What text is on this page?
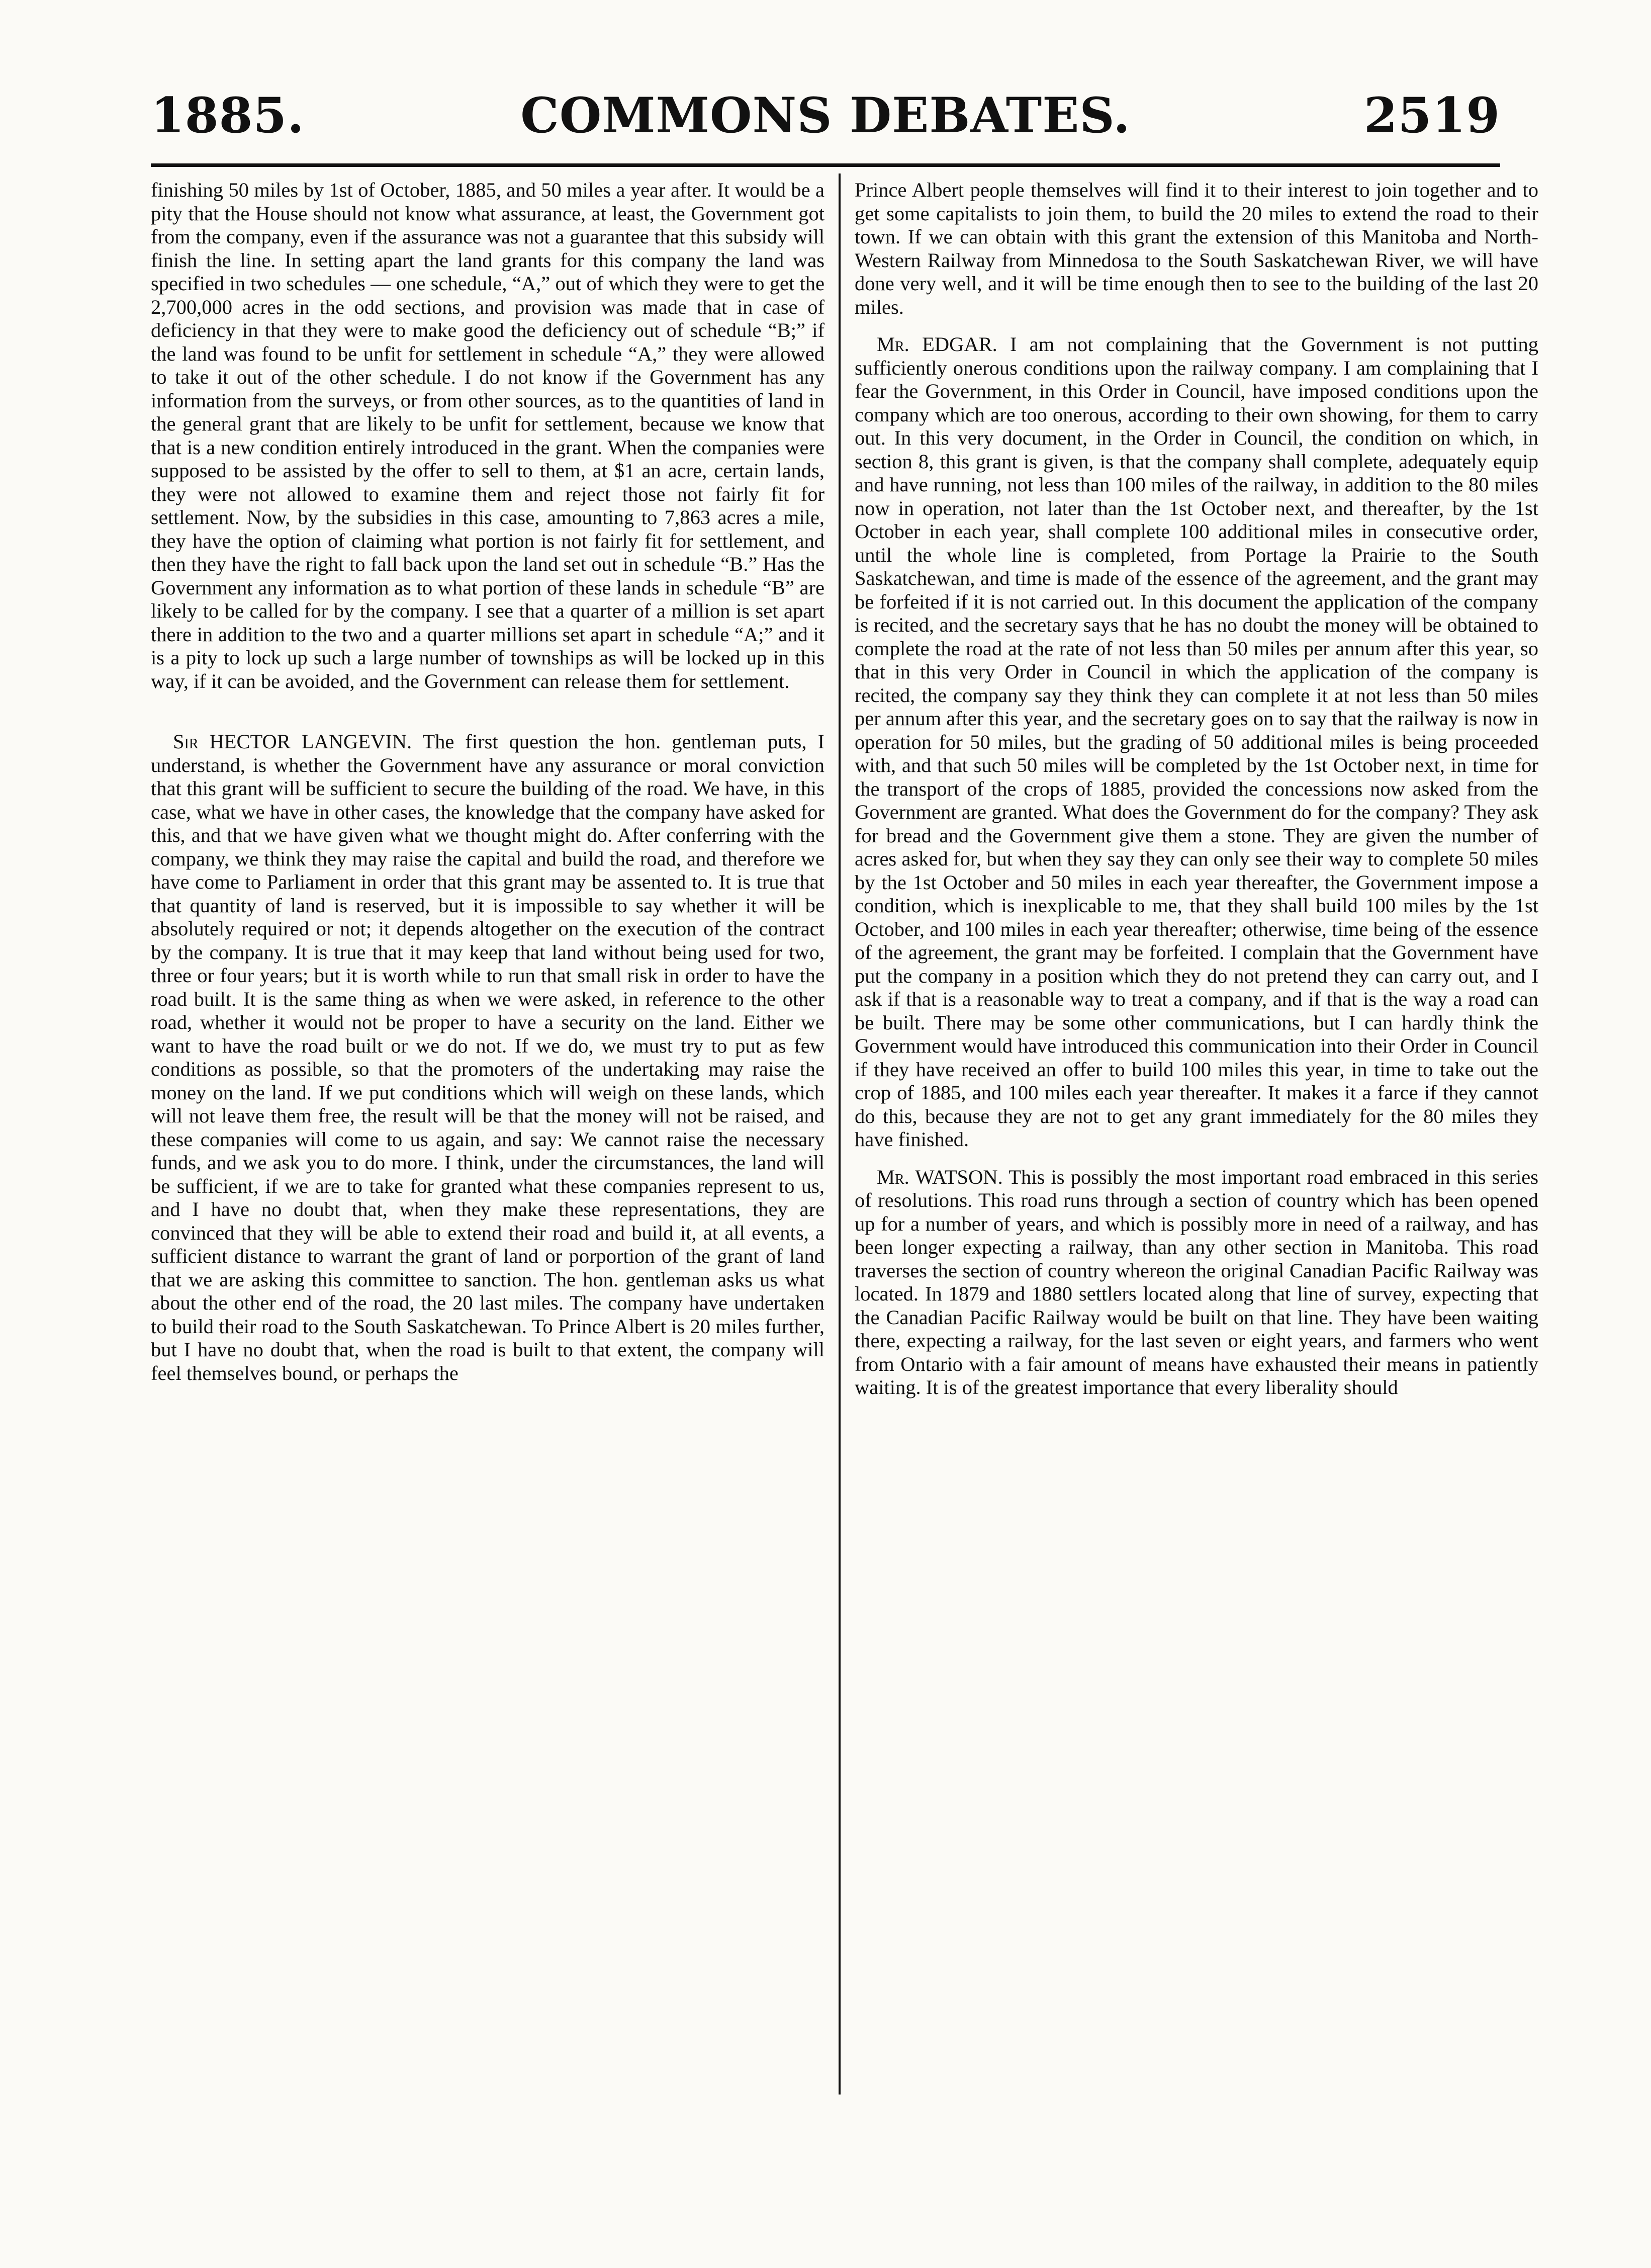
1885.	COMMONS DEBATES.	2519

finishing 50 miles by 1st of October, 1885, and 50 miles a year after. It would be a pity that the House should not know what assurance, at least, the Government got from the company, even if the assurance was not a guarantee that this subsidy will finish the line. In setting apart the land grants for this company the land was specified in two schedules — one schedule, “A,” out of which they were to get the 2,700,000 acres in the odd sections, and provision was made that in case of deficiency in that they were to make good the deficiency out of schedule “B;” if the land was found to be unfit for settlement in schedule “A,” they were allowed to take it out of the other schedule. I do not know if the Government has any information from the surveys, or from other sources, as to the quantities of land in the general grant that are likely to be unfit for settlement, because we know that that is a new condition entirely introduced in the grant. When the companies were supposed to be assisted by the offer to sell to them, at $1 an acre, certain lands, they were not allowed to examine them and reject those not fairly fit for settlement. Now, by the subsidies in this case, amounting to 7,863 acres a mile, they have the option of claiming what portion is not fairly fit for settlement, and then they have the right to fall back upon the land set out in schedule “B.” Has the Government any information as to what portion of these lands in schedule “B” are likely to be called for by the company. I see that a quarter of a million is set apart there in addition to the two and a quarter millions set apart in schedule “A;” and it is a pity to lock up such a large number of townships as will be locked up in this way, if it can be avoided, and the Government can release them for settlement.

Sir HECTOR LANGEVIN. The first question the hon. gentleman puts, I understand, is whether the Government have any assurance or moral conviction that this grant will be sufficient to secure the building of the road. We have, in this case, what we have in other cases, the knowledge that the company have asked for this, and that we have given what we thought might do. After conferring with the company, we think they may raise the capital and build the road, and therefore we have come to Parliament in order that this grant may be assented to. It is true that that quantity of land is reserved, but it is impossible to say whether it will be absolutely required or not; it depends altogether on the execution of the contract by the company. It is true that it may keep that land without being used for two, three or four years; but it is worth while to run that small risk in order to have the road built. It is the same thing as when we were asked, in reference to the other road, whether it would not be proper to have a security on the land. Either we want to have the road built or we do not. If we do, we must try to put as few conditions as possible, so that the promoters of the undertaking may raise the money on the land. If we put conditions which will weigh on these lands, which will not leave them free, the result will be that the money will not be raised, and these companies will come to us again, and say: We cannot raise the necessary funds, and we ask you to do more. I think, under the circumstances, the land will be sufficient, if we are to take for granted what these companies represent to us, and I have no doubt that, when they make these representations, they are convinced that they will be able to extend their road and build it, at all events, a sufficient distance to warrant the grant of land or porportion of the grant of land that we are asking this committee to sanction. The hon. gentleman asks us what about the other end of the road, the 20 last miles. The company have undertaken to build their road to the South Saskatchewan. To Prince Albert is 20 miles further, but I have no doubt that, when the road is built to that extent, the company will feel themselves bound, or perhaps the

Prince Albert people themselves will find it to their interest to join together and to get some capitalists to join them, to build the 20 miles to extend the road to their town. If we can obtain with this grant the extension of this Manitoba and North-Western Railway from Minnedosa to the South Saskatchewan River, we will have done very well, and it will be time enough then to see to the building of the last 20 miles.

Mr. EDGAR. I am not complaining that the Government is not putting sufficiently onerous conditions upon the railway company. I am complaining that I fear the Government, in this Order in Council, have imposed conditions upon the company which are too onerous, according to their own showing, for them to carry out. In this very document, in the Order in Council, the condition on which, in section 8, this grant is given, is that the company shall complete, adequately equip and have running, not less than 100 miles of the railway, in addition to the 80 miles now in operation, not later than the 1st October next, and thereafter, by the 1st October in each year, shall complete 100 additional miles in consecutive order, until the whole line is completed, from Portage la Prairie to the South Saskatchewan, and time is made of the essence of the agreement, and the grant may be forfeited if it is not carried out. In this document the application of the company is recited, and the secretary says that he has no doubt the money will be obtained to complete the road at the rate of not less than 50 miles per annum after this year, so that in this very Order in Council in which the application of the company is recited, the company say they think they can complete it at not less than 50 miles per annum after this year, and the secretary goes on to say that the railway is now in operation for 50 miles, but the grading of 50 additional miles is being proceeded with, and that such 50 miles will be completed by the 1st October next, in time for the transport of the crops of 1885, provided the concessions now asked from the Government are granted. What does the Government do for the company? They ask for bread and the Government give them a stone. They are given the number of acres asked for, but when they say they can only see their way to complete 50 miles by the 1st October and 50 miles in each year thereafter, the Government impose a condition, which is inexplicable to me, that they shall build 100 miles by the 1st October, and 100 miles in each year thereafter; otherwise, time being of the essence of the agreement, the grant may be forfeited. I complain that the Government have put the company in a position which they do not pretend they can carry out, and I ask if that is a reasonable way to treat a company, and if that is the way a road can be built. There may be some other communications, but I can hardly think the Government would have introduced this communication into their Order in Council if they have received an offer to build 100 miles this year, in time to take out the crop of 1885, and 100 miles each year thereafter. It makes it a farce if they cannot do this, because they are not to get any grant immediately for the 80 miles they have finished.

Mr. WATSON. This is possibly the most important road embraced in this series of resolutions. This road runs through a section of country which has been opened up for a number of years, and which is possibly more in need of a railway, and has been longer expecting a railway, than any other section in Manitoba. This road traverses the section of country whereon the original Canadian Pacific Railway was located. In 1879 and 1880 settlers located along that line of survey, expecting that the Canadian Pacific Railway would be built on that line. They have been waiting there, expecting a railway, for the last seven or eight years, and farmers who went from Ontario with a fair amount of means have exhausted their means in patiently waiting. It is of the greatest importance that every liberality should
